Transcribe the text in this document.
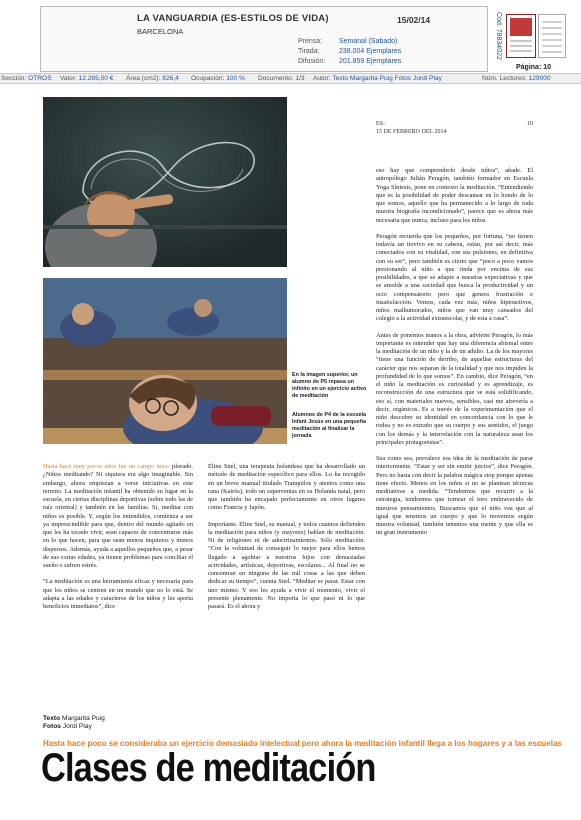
LA VANGUARDIA (ES-ESTILOS DE VIDA)
BARCELONA
15/02/14
Prensa: Semanal (Sabado)
Tirada:	238.004 Ejemplares
Difusión: 201.859 Ejemplares
Cód: 78834022
Página: 10
Sección: OTROS Valor: 12.285,00 € Área (cm2): 826,4 Ocupación: 100 % Documento: 1/3 Autor: Texto Margarita Puig Fotos Jordi Play	Núm. Lectores: 129000
En la imagen superior, un alumno de P5 repasa un infinito en un ejercicio activo de meditación
Alumnos de P4 de la escuela Infant Jesús en una pequeña meditación al finalizar la jornada
ES-
15 DE FEBRERO DEL 2014
10

Hasta hace muy pocos años fue un campo inex- plorado. ¿Niños meditando? Ni siquiera era algo imaginable. Sin embargo, ahora empiezan a verse iniciativas en este terreno. La meditación infantil ha obtenido su lugar en la escuela, en ciertas disciplinas deportivas (sobre todo las de raíz oriental) y también en las familias. Si, meditar con niños es posible. Y, según los entendidos, comienza a ser ya imprescindible para que, dentro del mundo agitado en que les ha tocado vivir, sean capaces de concentrarse más en lo que hacen, para que sean menos inquietos y menos dispersos. Además, ayuda a aquellos pequeños que, a pesar de sus cortas edades, ya tienen problemas para conciliar el sueño o sufren estrés.

“La meditación es una herramienta eficaz y necesaria para que los niños se centren en un mundo que no lo está. Se adapta a las edades y caracteres de los niños y les aporta beneficios inmediatos”, dice

Eline Snel, una terapeuta holandesa que ha desarrollado un método de meditación específico para ellos. Lo ha recogido en un breve manual titulado Tranquilos y atentos como una rana (Kairós), todo un superventas en su Holanda natal, pero que también ha encajado perfectamente en otros lugares como Francia y Japón.

Importante. Eline Snel, su manual, y todos cuantos defienden la meditación para niños (y mayores) hablan de meditación. Ni de religiones ni de adoctrinamientos. Sólo meditación. “Con la voluntad de conseguir lo mejor para ellos hemos llegado a agobiar a nuestros hijos con demasiadas actividades, artísticas, deportivas, escolares... Al final no se concentran en ninguna de las mil cosas a las que deben dedicar su tiempo”, cuenta Snel. “Meditar es parar. Estar con uno mismo. Y eso les ayuda a vivir el momento, vivir el presente plenamente. No importa lo que pasó ni lo que pasará. Es el ahora y

eso hay que comprenderlo desde niños”, añade. El antropólogo Julián Peragón, también formador en Escuela Yoga Síntesis, pone en contexto la meditación. “Entendiendo que es la posibilidad de poder descansar en lo hondo de lo que somos, aquello que ha permanecido a lo largo de toda nuestra biografía incondicionado”, parece que es ahora más necesaria que nunca, incluso para los niños.

Peragón recuerda que los pequeños, por fortuna, “no tienen todavía un tiovivo en su cabeza, están, por así decir, más conectados con su vitalidad, con sus pulsiones, en definitiva con su ser”, pero también es cierto que “poco a poco vamos presionando al niño a que rinda por encima de sus posibilidades, a que se adapte a nuestras expectativas y que se amolde a una sociedad que busca la productividad y un ocio compensatorio pero que genera frustración e insatisfacción. Vemos, cada vez más, niños hiperactivos, niños malhumorados, niños que van muy cansados del colegio a la actividad extraescolar, y de esta a casa”.

Antes de ponernos manos a la obra, advierte Peragón, lo más importante es entender que hay una diferencia abismal entre la meditación de un niño y la de un adulto. La de los mayores “tiene una función de derribo, de aquellas estructuras del carácter que nos separan de la totalidad y que nos impiden la profundidad de lo que somos”. En cambio, dice Peragón, “en el niño la meditación es curiosidad y es aprendizaje, es reconstrucción de una estructura que se está solidificando, eso sí, con materiales nuevos, sensibles, casi me atrevería a decir, orgánicos. Es a través de la experimentación que el niño descubre su identidad en concordancia con lo que le rodea y no es extraño que su cuerpo y sus sentidos, el juego con los demás y la interrelación con la naturaleza sean los principales protagonistas”.

Sea como sea, prevalece esa idea de la meditación de parar interiormente. “Estar y ser sin emitir juicios”, dice Peragón. Pero no basta con decir la palabra mágica stop porque apenas tiene efecto. Menos en los niños si no se plantean técnicas meditativas a medida. “Tendremos que recurrir a la estrategia, tendremos que tornear el toro embravecido de nuestros pensamientos. Buscamos que el niño vea que al igual que tenemos un cuerpo y que lo movemos según nuestra voluntad, también tenemos una mente y que ella es un gran instrumento

Texto Margarita Puig
Fotos Jordi Play
Hasta hace poco se consideraba un ejercicio demasiado intelectual pero ahora la meditación infantil llega a los hogares y a las escuelas
Clases de meditación
